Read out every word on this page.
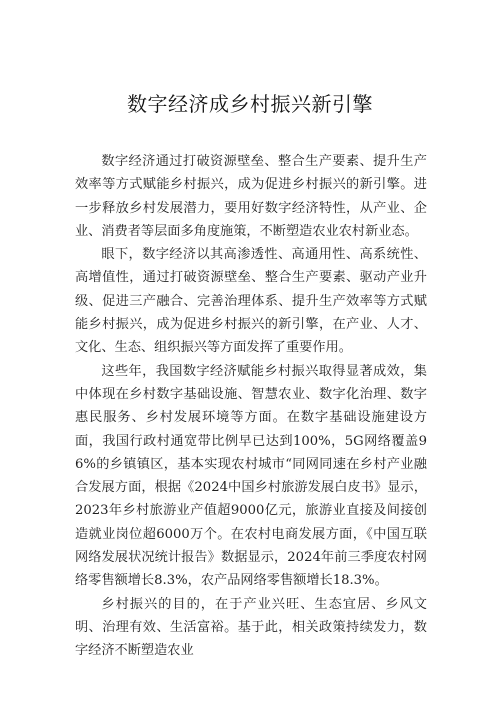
数字经济成乡村振兴新引擎

数字经济通过打破资源壁垒、整合生产要素、提升生产效率等方式赋能乡村振兴，成为促进乡村振兴的新引擎。进一步释放乡村发展潜力，要用好数字经济特性，从产业、企业、消费者等层面多角度施策，不断塑造农业农村新业态。

眼下，数字经济以其高渗透性、高通用性、高系统性、高增值性，通过打破资源壁垒、整合生产要素、驱动产业升级、促进三产融合、完善治理体系、提升生产效率等方式赋能乡村振兴，成为促进乡村振兴的新引擎，在产业、人才、文化、生态、组织振兴等方面发挥了重要作用。

这些年，我国数字经济赋能乡村振兴取得显著成效，集中体现在乡村数字基础设施、智慧农业、数字化治理、数字惠民服务、乡村发展环境等方面。在数字基础设施建设方面，我国行政村通宽带比例早已达到100%，5G网络覆盖96%的乡镇镇区，基本实现农村城市“同网同速在乡村产业融合发展方面，根据《2024中国乡村旅游发展白皮书》显示，2023年乡村旅游业产值超9000亿元，旅游业直接及间接创造就业岗位超6000万个。在农村电商发展方面，《中国互联网络发展状况统计报告》数据显示，2024年前三季度农村网络零售额增长8.3%，农产品网络零售额增长18.3%。

乡村振兴的目的，在于产业兴旺、生态宜居、乡风文明、治理有效、生活富裕。基于此，相关政策持续发力，数字经济不断塑造农业
